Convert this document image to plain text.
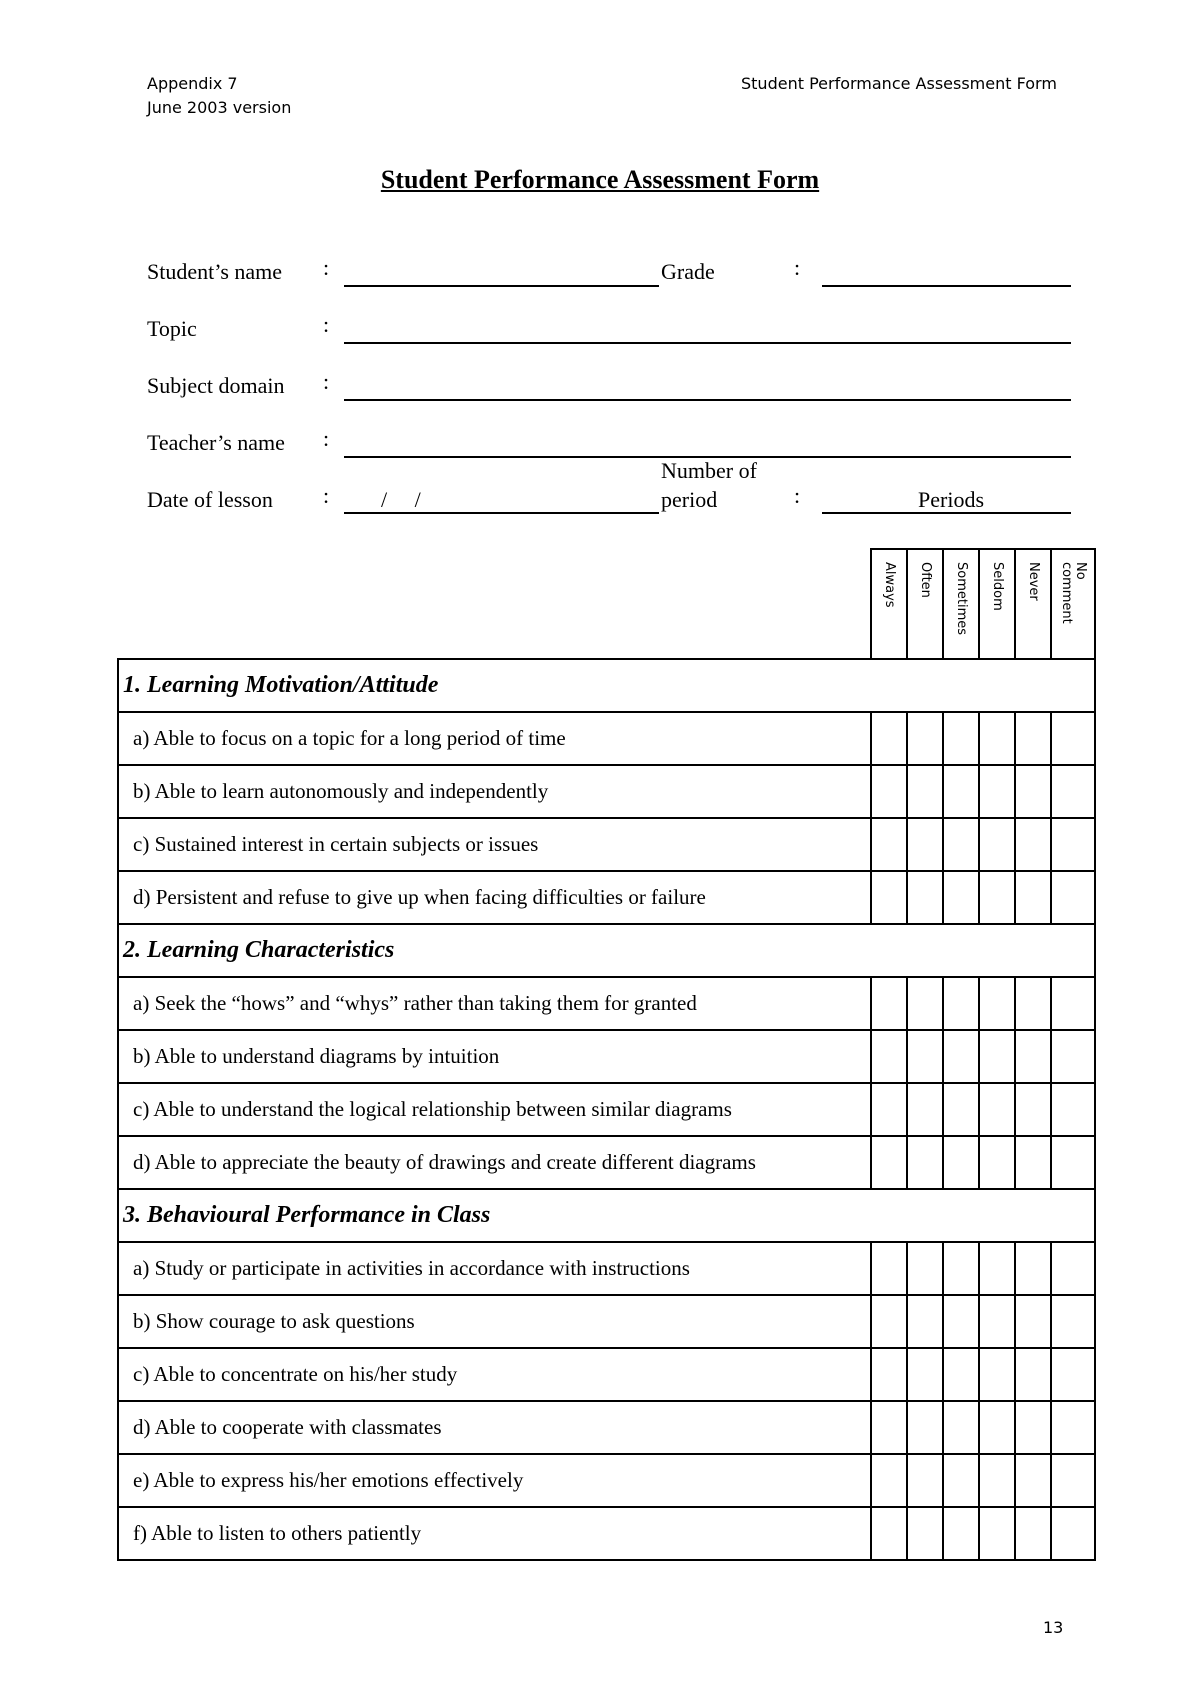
Appendix 7
June 2003 version
Student Performance Assessment Form
Student Performance Assessment Form
Student’s name :	Grade	:
Topic	:
Subject domain :
Teacher’s name :
Date of lesson : /     /
Number of
period	:	Periods

	Always	Often	Sometimes	Seldom	Never	No comment

1. Learning Motivation/Attitude						
a) Able to focus on a topic for a long period of time						
b) Able to learn autonomously and independently						
c) Sustained interest in certain subjects or issues						
d) Persistent and refuse to give up when facing difficulties or failure						
2. Learning Characteristics						
a) Seek the “hows” and “whys” rather than taking them for granted						
b) Able to understand diagrams by intuition						
c) Able to understand the logical relationship between similar diagrams						
d) Able to appreciate the beauty of drawings and create different diagrams						
3. Behavioural Performance in Class						
a) Study or participate in activities in accordance with instructions						
b) Show courage to ask questions						
c) Able to concentrate on his/her study						
d) Able to cooperate with classmates						
e) Able to express his/her emotions effectively						
f) Able to listen to others patiently						
13
